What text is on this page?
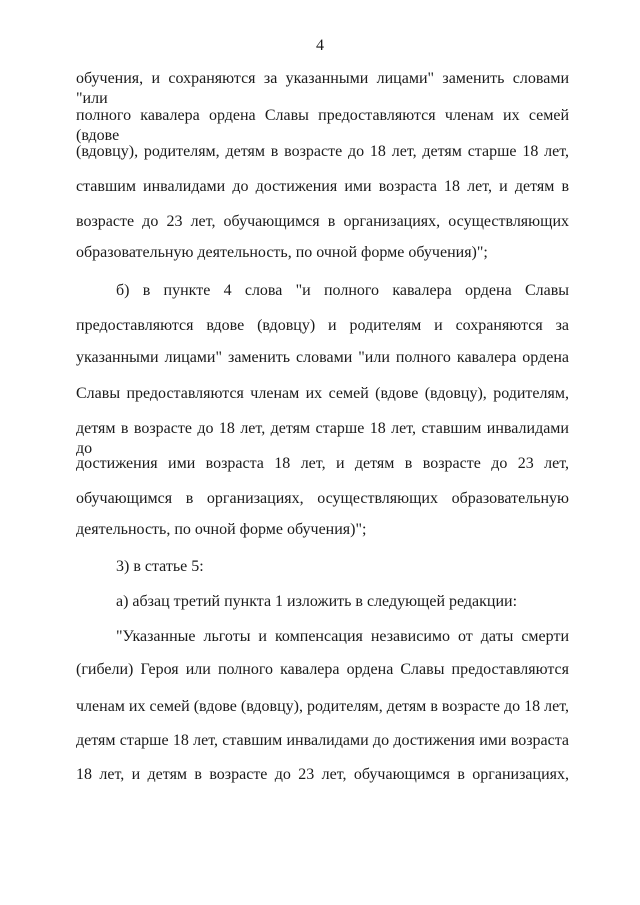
4
обучения, и сохраняются за указанными лицами" заменить словами "или
полного кавалера ордена Славы предоставляются членам их семей (вдове
(вдовцу), родителям, детям в возрасте до 18 лет, детям старше 18 лет,
ставшим инвалидами до достижения ими возраста 18 лет, и детям в
возрасте до 23 лет, обучающимся в организациях, осуществляющих
образовательную деятельность, по очной форме обучения)";
б) в пункте 4 слова "и полного кавалера ордена Славы
предоставляются вдове (вдовцу) и родителям и сохраняются за
указанными лицами" заменить словами "или полного кавалера ордена
Славы предоставляются членам их семей (вдове (вдовцу), родителям,
детям в возрасте до 18 лет, детям старше 18 лет, ставшим инвалидами до
достижения ими возраста 18 лет, и детям в возрасте до 23 лет,
обучающимся в организациях, осуществляющих образовательную
деятельность, по очной форме обучения)";
3) в статье 5:
а) абзац третий пункта 1 изложить в следующей редакции:
"Указанные льготы и компенсация независимо от даты смерти
(гибели) Героя или полного кавалера ордена Славы предоставляются
членам их семей (вдове (вдовцу), родителям, детям в возрасте до 18 лет,
детям старше 18 лет, ставшим инвалидами до достижения ими возраста
18 лет, и детям в возрасте до 23 лет, обучающимся в организациях,
